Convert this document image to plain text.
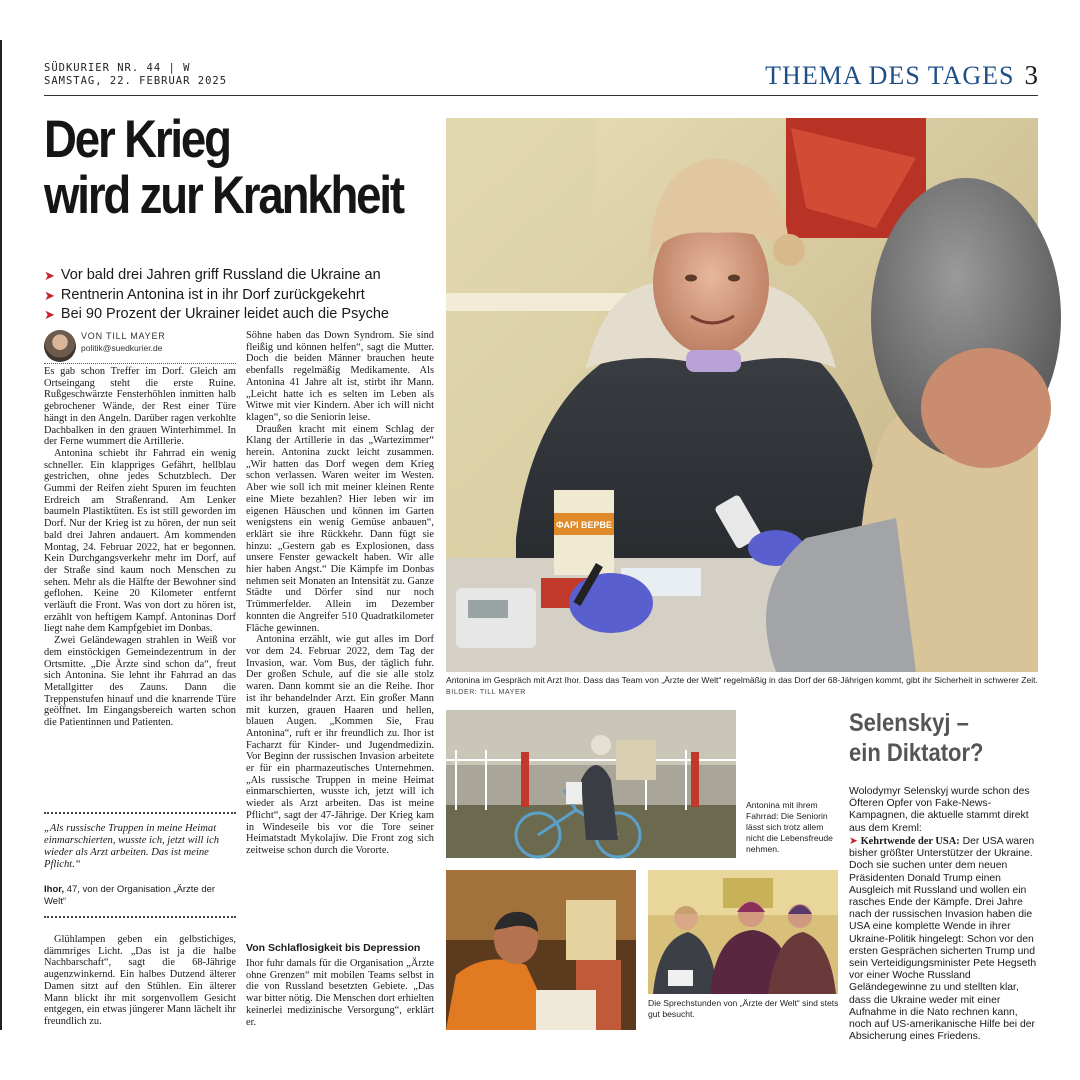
SÜDKURIER NR. 44 | W
SAMSTAG, 22. FEBRUAR 2025	THEMA DES TAGES 3
Der Krieg
wird zur Krankheit
➤ Vor bald drei Jahren griff Russland die Ukraine an
➤ Rentnerin Antonina ist in ihr Dorf zurückgekehrt
➤ Bei 90 Prozent der Ukrainer leidet auch die Psyche
VON TILL MAYER
politik@suedkurier.de

Es gab schon Treffer im Dorf. Gleich am Ortseingang steht die erste Ruine. Rußgeschwärzte Fensterhöhlen inmitten halb gebrochener Wände, der Rest einer Türe hängt in den Angeln. Darüber ragen verkohlte Dachbalken in den grauen Winterhimmel. In der Ferne wummert die Artillerie.

Antonina schiebt ihr Fahrrad ein wenig schneller. Ein klappriges Gefährt, hellblau gestrichen, ohne jedes Schutzblech. Der Gummi der Reifen zieht Spuren im feuchten Erdreich am Straßenrand. Am Lenker baumeln Plastiktüten. Es ist still geworden im Dorf. Nur der Krieg ist zu hören, der nun seit bald drei Jahren andauert. Am kommenden Montag, 24. Februar 2022, hat er begonnen. Kein Durchgangsverkehr mehr im Dorf, auf der Straße sind kaum noch Menschen zu sehen. Mehr als die Hälfte der Bewohner sind geflohen. Keine 20 Kilometer entfernt verläuft die Front. Was von dort zu hören ist, erzählt von heftigem Kampf. Antoninas Dorf liegt nahe dem Kampfgebiet im Donbas.

Zwei Geländewagen strahlen in Weiß vor dem einstöckigen Gemeindezentrum in der Ortsmitte. „Die Ärzte sind schon da“, freut sich Antonina. Sie lehnt ihr Fahrrad an das Metallgitter des Zauns. Dann die Treppenstufen hinauf und die knarrende Türe geöffnet. Im Eingangsbereich warten schon die Patientinnen und Patienten.

„Als russische Truppen in meine Heimat einmarschierten, wusste ich, jetzt will ich wieder als Arzt arbeiten. Das ist meine Pflicht.“
Ihor, 47, von der Organisation „Ärzte der Welt“

Glühlampen geben ein gelbstichiges, dämmriges Licht. „Das ist ja die halbe Nachbarschaft“, sagt die 68-Jährige augenzwinkernd. Ein halbes Dutzend älterer Damen sitzt auf den Stühlen. Ein älterer Mann blickt ihr mit sorgenvollem Gesicht entgegen, ein etwas jüngerer Mann lächelt ihr freundlich zu.

Söhne haben das Down Syndrom. Sie sind fleißig und können helfen“, sagt die Mutter. Doch die beiden Männer brauchen heute ebenfalls regelmäßig Medikamente. Als Antonina 41 Jahre alt ist, stirbt ihr Mann. „Leicht hatte ich es selten im Leben als Witwe mit vier Kindern. Aber ich will nicht klagen“, so die Seniorin leise.

Draußen kracht mit einem Schlag der Klang der Artillerie in das „Wartezimmer“ herein. Antonina zuckt leicht zusammen. „Wir hatten das Dorf wegen dem Krieg schon verlassen. Waren weiter im Westen. Aber wie soll ich mit meiner kleinen Rente eine Miete bezahlen? Hier leben wir im eigenen Häuschen und können im Garten wenigstens ein wenig Gemüse anbauen“, erklärt sie ihre Rückkehr. Dann fügt sie hinzu: „Gestern gab es Explosionen, dass unsere Fenster gewackelt haben. Wir alle hier haben Angst.“ Die Kämpfe im Donbas nehmen seit Monaten an Intensität zu. Ganze Städte und Dörfer sind nur noch Trümmerfelder. Allein im Dezember konnten die Angreifer 510 Quadratkilometer Fläche gewinnen.

Antonina erzählt, wie gut alles im Dorf vor dem 24. Februar 2022, dem Tag der Invasion, war. Vom Bus, der täglich fuhr. Der großen Schule, auf die sie alle stolz waren. Dann kommt sie an die Reihe. Ihor ist ihr behandelnder Arzt. Ein großer Mann mit kurzen, grauen Haaren und hellen, blauen Augen. „Kommen Sie, Frau Antonina“, ruft er ihr freundlich zu. Ihor ist Facharzt für Kinder- und Jugendmedizin. Vor Beginn der russischen Invasion arbeitete er für ein pharmazeutisches Unternehmen. „Als russische Truppen in meine Heimat einmarschierten, wusste ich, jetzt will ich wieder als Arzt arbeiten. Das ist meine Pflicht“, sagt der 47-Jährige. Der Krieg kam in Windeseile bis vor die Tore seiner Heimatstadt Mykolajiw. Die Front zog sich zeitweise schon durch die Vororte.

Von Schlaflosigkeit bis Depression

Ihor fuhr damals für die Organisation „Ärzte ohne Grenzen“ mit mobilen Teams selbst in die von Russland besetzten Gebiete. „Das war bitter nötig. Die Menschen dort erhielten keinerlei medizinische Versorgung“, erklärt er.

ФАРІ ВЕРВЕ
Antonina im Gespräch mit Arzt Ihor. Dass das Team von „Ärzte der Welt“ regelmäßig in das Dorf der 68-Jährigen kommt, gibt ihr Sicherheit in schwerer Zeit. BILDER: TILL MAYER
Antonina mit ihrem Fahrrad: Die Seniorin lässt sich trotz allem nicht die Lebensfreude nehmen.
Die Sprechstunden von „Ärzte der Welt“ sind stets gut besucht.
Selenskyj –
ein Diktator?
Wolodymyr Selenskyj wurde schon des Öfteren Opfer von Fake-News-Kampagnen, die aktuelle stammt direkt aus dem Kreml:
➤ Kehrtwende der USA: Der USA waren bisher größter Unterstützer der Ukraine. Doch sie suchen unter dem neuen Präsidenten Donald Trump einen Ausgleich mit Russland und wollen ein rasches Ende der Kämpfe. Drei Jahre nach der russischen Invasion haben die USA eine komplette Wende in ihrer Ukraine-Politik hingelegt: Schon vor den ersten Gesprächen sicherten Trump und sein Verteidigungsminister Pete Hegseth vor einer Woche Russland Geländegewinne zu und stellten klar, dass die Ukraine weder mit einer Aufnahme in die Nato rechnen kann, noch auf US-amerikanische Hilfe bei der Absicherung eines Friedens.
